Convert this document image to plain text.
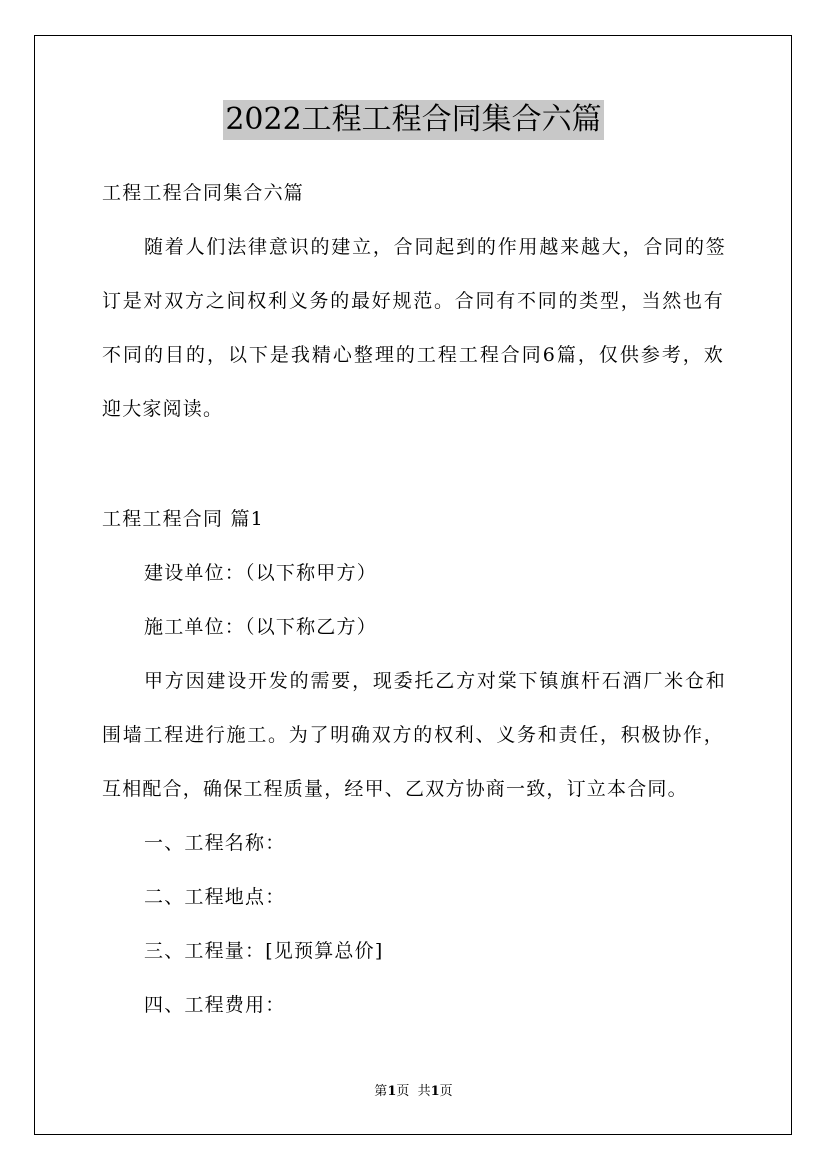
2022工程工程合同集合六篇
工程工程合同集合六篇
随着人们法律意识的建立，合同起到的作用越来越大，合同的签
订是对双方之间权利义务的最好规范。合同有不同的类型，当然也有
不同的目的，以下是我精心整理的工程工程合同6篇，仅供参考，欢
迎大家阅读。
工程工程合同 篇1
建设单位：（以下称甲方）
施工单位：（以下称乙方）
甲方因建设开发的需要，现委托乙方对棠下镇旗杆石酒厂米仓和
围墙工程进行施工。为了明确双方的权利、义务和责任，积极协作，
互相配合，确保工程质量，经甲、乙双方协商一致，订立本合同。
一、工程名称：
二、工程地点：
三、工程量：[见预算总价]
四、工程费用：
第1页  共1页
